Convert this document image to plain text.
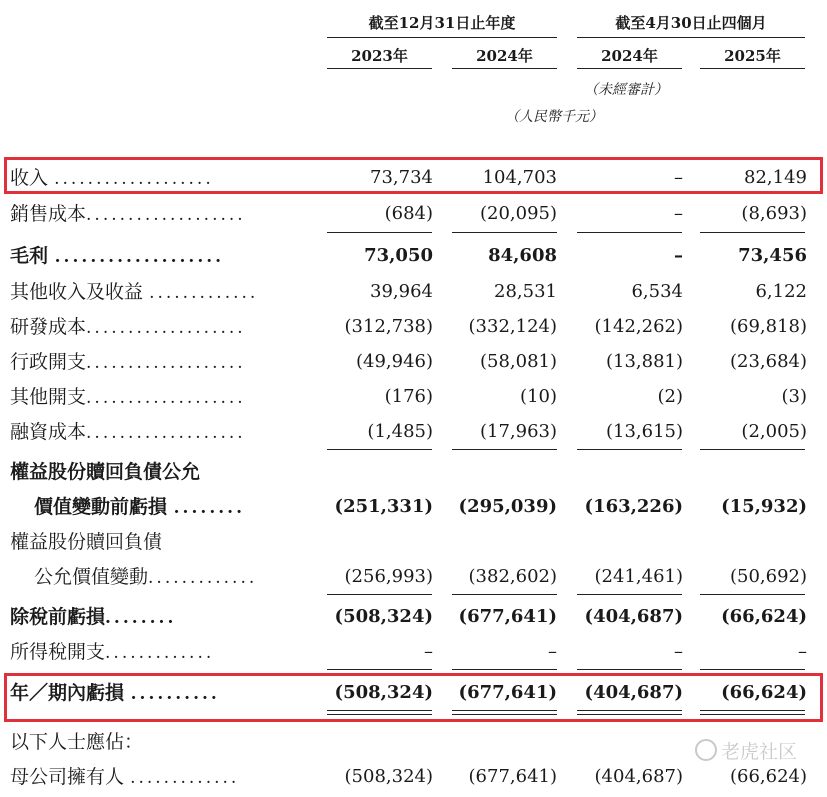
截至12月31日止年度	截至4月30日止四個月
2023年	2024年	2024年	2025年
（未經審計）
（人民幣千元）
收入 ...................	73,734	104,703	–	82,149
銷售成本...................	(684)	(20,095)	–	(8,693)
毛利 ...................	73,050	84,608	–	73,456
其他收入及收益 .............	39,964	28,531	6,534	6,122
研發成本...................	(312,738) (332,124) (142,262)	(69,818)
行政開支...................	(49,946)	(58,081)	(13,881)	(23,684)
其他開支...................	(176)	(10)	(2)	(3)
融資成本...................	(1,485)	(17,963)	(13,615)	(2,005)
權益股份贖回負債公允
價值變動前虧損 ........	(251,331) (295,039) (163,226) (15,932)
權益股份贖回負債
公允價值變動.............	(256,993) (382,602) (241,461)	(50,692)
除稅前虧損........	(508,324) (677,641) (404,687) (66,624)
所得稅開支.............	–	–	–	–
年／期內虧損 ..........	(508,324) (677,641) (404,687) (66,624)
以下人士應佔：
母公司擁有人 .............	(508,324) (677,641) (404,687)	(66,624)
老虎社区
